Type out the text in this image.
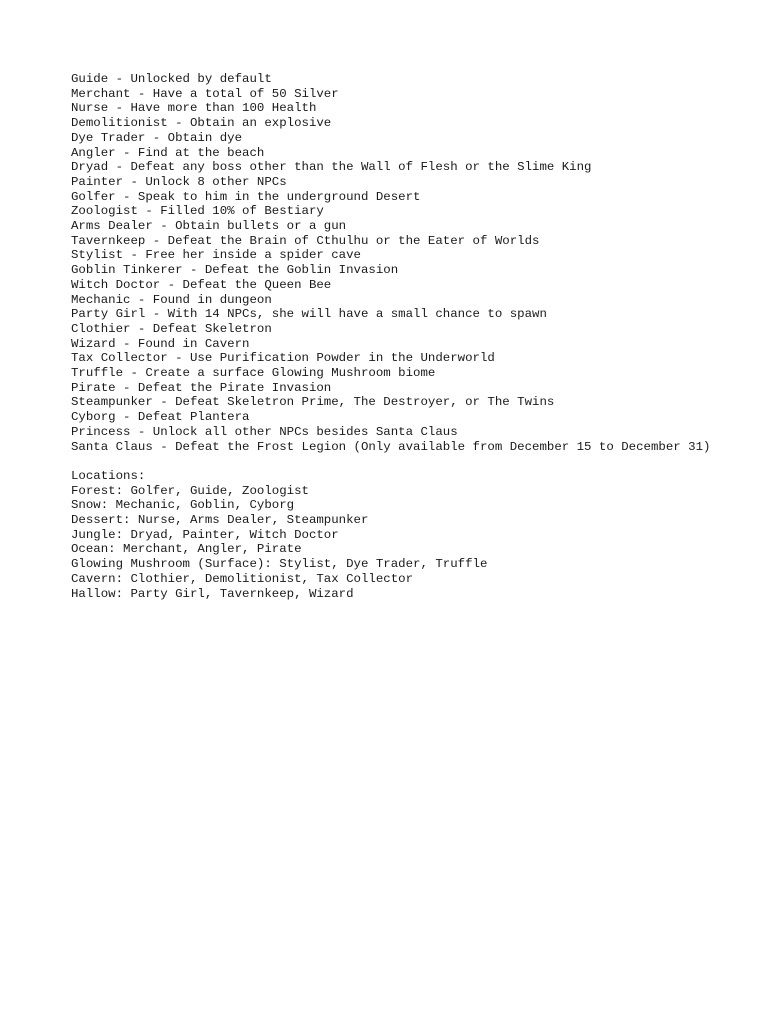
Guide - Unlocked by default
Merchant - Have a total of 50 Silver
Nurse - Have more than 100 Health
Demolitionist - Obtain an explosive
Dye Trader - Obtain dye
Angler - Find at the beach
Dryad - Defeat any boss other than the Wall of Flesh or the Slime King
Painter - Unlock 8 other NPCs
Golfer - Speak to him in the underground Desert
Zoologist - Filled 10% of Bestiary
Arms Dealer - Obtain bullets or a gun
Tavernkeep - Defeat the Brain of Cthulhu or the Eater of Worlds
Stylist - Free her inside a spider cave
Goblin Tinkerer - Defeat the Goblin Invasion
Witch Doctor - Defeat the Queen Bee
Mechanic - Found in dungeon
Party Girl - With 14 NPCs, she will have a small chance to spawn
Clothier - Defeat Skeletron
Wizard - Found in Cavern
Tax Collector - Use Purification Powder in the Underworld
Truffle - Create a surface Glowing Mushroom biome
Pirate - Defeat the Pirate Invasion
Steampunker - Defeat Skeletron Prime, The Destroyer, or The Twins
Cyborg - Defeat Plantera
Princess - Unlock all other NPCs besides Santa Claus
Santa Claus - Defeat the Frost Legion (Only available from December 15 to December 31)
Locations:
Forest: Golfer, Guide, Zoologist
Snow: Mechanic, Goblin, Cyborg
Dessert: Nurse, Arms Dealer, Steampunker
Jungle: Dryad, Painter, Witch Doctor
Ocean: Merchant, Angler, Pirate
Glowing Mushroom (Surface): Stylist, Dye Trader, Truffle
Cavern: Clothier, Demolitionist, Tax Collector
Hallow: Party Girl, Tavernkeep, Wizard
